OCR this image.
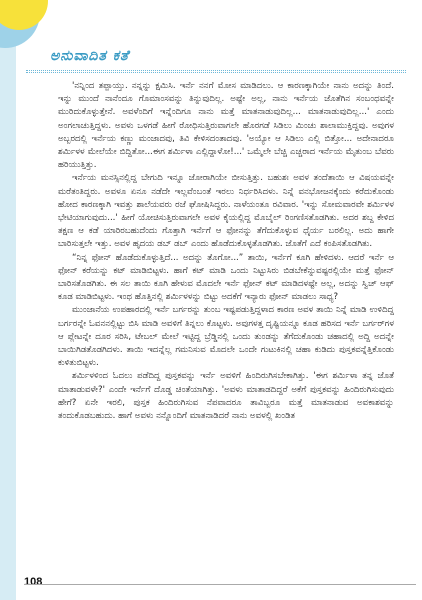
ಅನುವಾದಿತ ಕತೆ

'ನನ್ನಿಂದ ತಪ್ಪಾಯ್ತು. ನನ್ನನ್ನು ಕ್ಷಮಿಸಿ. ಇರ್ನೆ ನನಗೆ ಮೋಸ ಮಾಡಿದಲು. ಆ ಕಾರಣಕ್ಕಾಗಿಯೇ ನಾನು ಅದನ್ನು ತಿಂದೆ. ಇನ್ನು ಮುಂದೆ ನಾನೆಂದೂ ಗೊಮಾಂಸವನ್ನು ತಿನ್ನುವುದಿಲ್ಲ. ಅಷ್ಟೇ ಅಲ್ಲ, ನಾನು ಇರ್ನೆಯ ಜೊತೆಗಿನ ಸಂಬಂಧವನ್ನೇ ಮುರಿದುಕೊಳ್ಳುತ್ತೇನೆ. ಅವಳೆಂದಿಗೆ ಇನ್ನೆಂದಿಗೂ ನಾನು ಮತ್ತೆ ಮಾತನಾಡುವುದಿಲ್ಲ... ಮಾತನಾಡುವುದಿಲ್ಲ...' ಎಂದು ಅಂಗಲಾಚುತ್ತಿದ್ದಳು. ಅವಳು ಒಳಗಡೆ ಹೀಗೆ ರೋಧಿಸುತ್ತಿರುವಾಗಲೇ ಹೊರಗಡೆ ಸಿಡಿಲು ಮಿಂಚು ಶಾಲಾಮುಕ್ತಿದ್ದವು. ಅವುಗಳ ಅಬ್ಬರದಲ್ಲಿ ಇರ್ನೆಯ ಕಣ್ಣು ಮಂಜಾದವು, ತಿವಿ ಕೇಳಿಸದಂತಾದವು. 'ಅಯ್ಯೋ ಆ ಸಿಡಿಲು ಎಲ್ಲಿ ಬಿತ್ತೋ... ಅದೇನಾದರೂ ಶರ್ಮಿಳಳ ಮೇಲೆಯೇ ಬಿದ್ದಿತೋ...ಈಗ ಶರ್ಮಿಳಾ ಎಲ್ಲಿದ್ದಾಳೋ!...' ಒಮ್ಮೆಲೇ ಬೆಚ್ಚಿ ಎಚ್ಚರಾದ ಇರ್ನೆಯ ಮೈತುಂಬ ಬೆವರು ಹರಿಯುತ್ತಿತ್ತು.

ಇರ್ನೆಯ ಮನಸ್ಸಿನಲ್ಲಿದ್ದ ಬೇಗುದಿ ಇನ್ನೂ ಜೋರಾಗಿಯೇ ಬೀಸುತ್ತಿತ್ತು. ಬಹುಶಃ ಅವಳ ತಂದೆತಾಯಿ ಆ ವಿಷಯವನ್ನೇ ಮರೆತಂತಿದ್ದರು. ಅವಳೂ ಏನೂ ನಡೆದೇ ಇಲ್ಲವೆಂಬಂತೆ ಇರಲು ನಿರ್ಧರಿಸಿದಳು. ನಿನ್ನೆ ವನಭೋಜನಕ್ಕೆಂದು ಕರೆದುಕೊಂಡು ಹೋದ ಕಾರಣಕ್ಕಾಗಿ ಇವತ್ತು ಶಾಲೆಯವರು ರಜೆ ಘೋಷಿಸಿದ್ದರು. ನಾಳೆಯಂತೂ ರವಿವಾರ. 'ಇನ್ನು ಸೋಮವಾರವೇ ಶರ್ಮಿಳಳ ಭೇಟಿಯಾಗುವುದು...' ಹೀಗೆ ಯೋಚಿಸುತ್ತಿರುವಾಗಲೇ ಅವಳ ಕೈಯಲ್ಲಿದ್ದ ಮೊಬೈಲ್ ರಿಂಗಣಿಸತೊಡಗಿತು. ಅದರ ಶಬ್ದ ಕೇಳಿದ ತಕ್ಷಣ ಆ ಕಡೆ ಯಾರಿರಬಹುದೆಂದು ಗೊತ್ತಾಗಿ ಇರ್ನೆಗೆ ಆ ಫೋನನ್ನು ತೆಗೆದುಕೊಳ್ಳುವ ಧೈರ್ಯ ಬರಲಿಲ್ಲ. ಅದು ಹಾಗೇ ಬಾರಿಸುತ್ತಲೇ ಇತ್ತು. ಅವಳ ಹೃದಯ ಡಬ್ ಡಬ್ ಎಂದು ಹೊಡೆದುಕೊಳ್ಳತೊಡಗಿತು. ಜೊತೆಗೆ ಎದೆ ಕಂಪಿಸತೊಡಗಿತು.

“ನಿನ್ನ ಫೋನ್ ಹೊಡೆದುಕೊಳ್ಳುತ್ತಿದೆ... ಅದನ್ನು ತೊಗೋ...” ತಾಯಿ, ಇರ್ನೆಗೆ ಕೂಗಿ ಹೇಳಿದಳು. ಆದರೆ ಇರ್ನೆ ಆ ಫೋನ್ ಕರೆಯನ್ನು ಕಟ್ ಮಾಡಿಬಿಟ್ಟಳು. ಹಾಗೆ ಕಟ್ ಮಾಡಿ ಒಂದು ನಿಟ್ಟುಸಿರು ಬಿಡಬೇಕೆನ್ನುವಷ್ಟರಲ್ಲಿಯೇ ಮತ್ತೆ ಫೋನ್ ಬಾರಿಸತೊಡಗಿತು. ಈ ಸಲ ತಾಯಿ ಕೂಗಿ ಹೇಳುವ ಮೊದಲೇ ಇರ್ನೆ ಫೋನ್ ಕಟ್ ಮಾಡಿದಳಷ್ಟೇ ಅಲ್ಲ, ಅದನ್ನು ಸ್ವಿಚ್ ಆಫ್ ಕೂಡ ಮಾಡಿಬಿಟ್ಟಳು. ಇಂಥ ಹೊತ್ತಿನಲ್ಲಿ ಶರ್ಮಿಳಳನ್ನು ಬಿಟ್ಟು ಅದಕೆಗೆ ಇನ್ಯಾರು ಫೋನ್ ಮಾಡಲು ಸಾಧ್ಯ?

ಮುಂಜಾನೆಯ ಉಪಹಾರದಲ್ಲಿ ಇರ್ನೆ ಬರ್ಗರನ್ನು ತುಂಬ ಇಷ್ಟಪಡುತ್ತಿದ್ದಳಾದ ಕಾರಣ ಅವಳ ತಾಯಿ ನಿನ್ನೆ ಮಾಡಿ ಉಳಿದಿದ್ದ ಬರ್ಗರನ್ನೇ ಓವನನಲ್ಲಿಟ್ಟು ಬಿಸಿ ಮಾಡಿ ಅವಳಿಗೆ ತಿನ್ನಲು ಕೊಟ್ಟಳು. ಅವುಗಳತ್ತ ದೃಷ್ಟಿಯನ್ನೂ ಕೂಡ ಹರಿಸದ ಇರ್ನೆ ಬರ್ಗರ್‌ಗಳ ಆ ಪ್ಲೇಟನ್ನೇ ದೂರ ಸರಿಸಿ, ಟೇಬಲ್ ಮೇಲೆ ಇಟ್ಟಿದ್ದ ಬ್ರೆಡ್ಡಿನಲ್ಲಿ ಒಂದು ತುಂಡನ್ನು ತೆಗೆದುಕೊಂಡು ಚಹಾದಲ್ಲಿ ಅದ್ದಿ ಅದನ್ನೇ ಬಾಯಿಗಿಡತೊಡಗಿದಳು. ತಾಯಿ ಇದನ್ನೆಲ್ಲ ಗಮನಿಸುವ ಮೊದಲೇ ಒಂದೇ ಗುಟುಕಿನಲ್ಲಿ ಚಹಾ ಕುಡಿದು ಪುಸ್ತಕವನ್ನೆತ್ತಿಕೊಂಡು ಕುಳಿತುಬಿಟ್ಟಳು.

ಶರ್ಮಿಳಳಿಂದ ಓದಲು ಪಡೆದಿದ್ದ ಪುಸ್ತಕವನ್ನು ಇರ್ನೆ ಅವಳಿಗೆ ಹಿಂದಿರುಗಿಸಬೇಕಾಗಿತ್ತು. 'ಈಗ ಶರ್ಮಿಳಾ ತನ್ನ ಜೊತೆ ಮಾತಾಡುವಳೇ?' ಎಂದೇ ಇರ್ನೆಗೆ ದೊಡ್ಡ ಚಿಂತೆಯಾಗಿತ್ತು. 'ಅವಳು ಮಾತಾಡದಿದ್ದರೆ ಅಕೆಗೆ ಪುಸ್ತಕವನ್ನು ಹಿಂದಿರುಗಿಸುವುದು ಹೇಗೆ? ಏನೇ ಇರಲಿ, ಪುಸ್ತಕ ಹಿಂದಿರುಗಿಸುವ ನೆಪವಾದರೂ ತಾವಿಬ್ಬರೂ ಮತ್ತೆ ಮಾತನಾಡುವ ಅವಕಾಶವನ್ನು ತಂದುಕೊಡಬಹುದು. ಹಾಗೆ ಅವಳು ನನ್ನೊಂದಿಗೆ ಮಾತನಾಡಿದರೆ ನಾನು ಅವಳಲ್ಲಿ ಖಂಡಿತ

108
